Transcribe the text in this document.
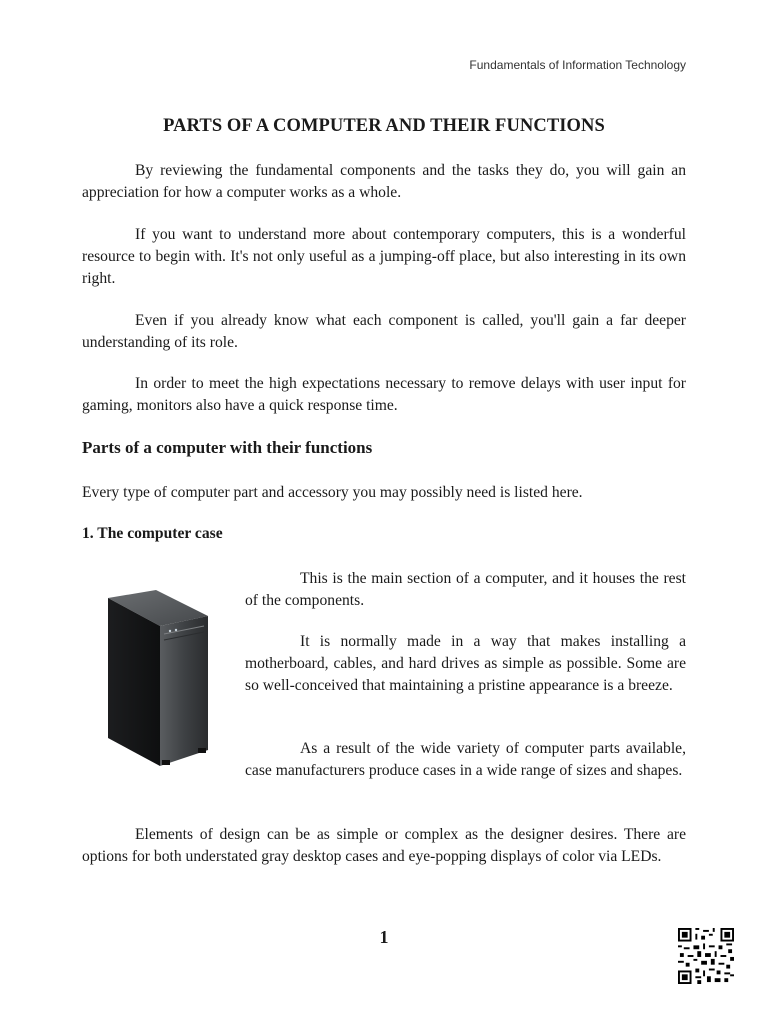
Fundamentals of Information Technology
PARTS OF A COMPUTER AND THEIR FUNCTIONS

By reviewing the fundamental components and the tasks they do, you will gain an appreciation for how a computer works as a whole.

If you want to understand more about contemporary computers, this is a wonderful resource to begin with. It's not only useful as a jumping-off place, but also interesting in its own right.

Even if you already know what each component is called, you'll gain a far deeper understanding of its role.

In order to meet the high expectations necessary to remove delays with user input for gaming, monitors also have a quick response time.

Parts of a computer with their functions

Every type of computer part and accessory you may possibly need is listed here.

1. The computer case

This is the main section of a computer, and it houses the rest of the components.

It is normally made in a way that makes installing a motherboard, cables, and hard drives as simple as possible. Some are so well-conceived that maintaining a pristine appearance is a breeze.

As a result of the wide variety of computer parts available, case manufacturers produce cases in a wide range of sizes and shapes.

Elements of design can be as simple or complex as the designer desires. There are options for both understated gray desktop cases and eye-popping displays of color via LEDs.

1
